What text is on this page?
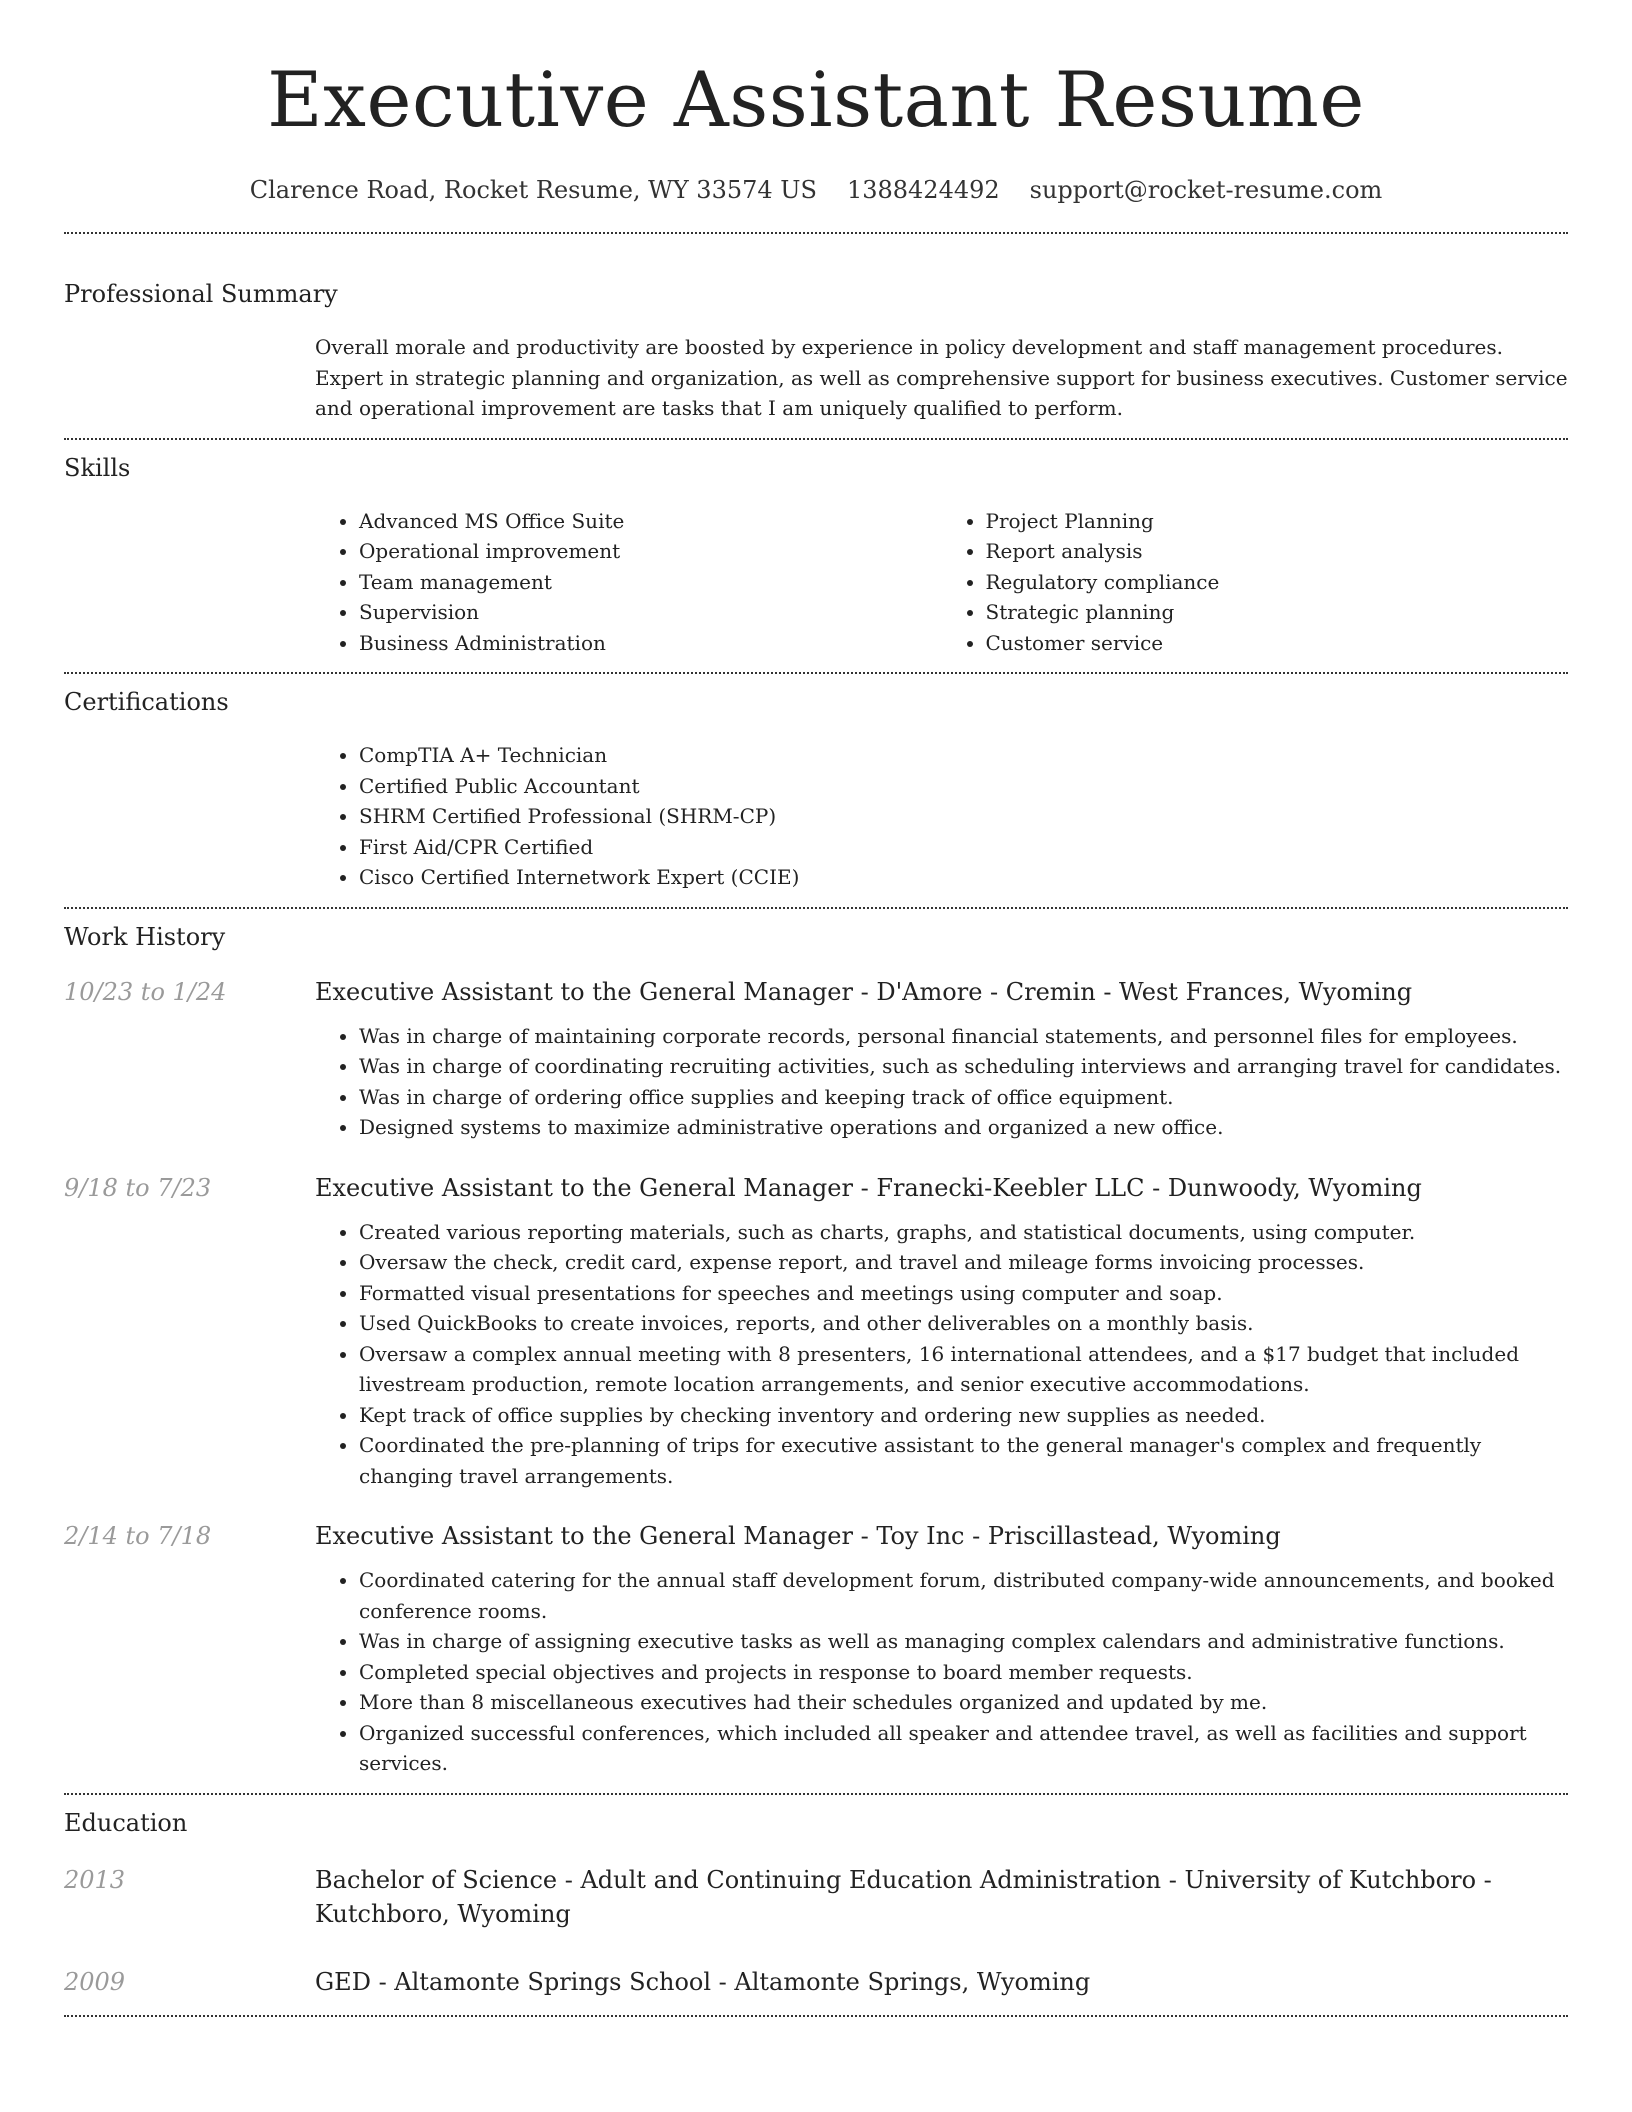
Executive Assistant Resume
Clarence Road, Rocket Resume, WY 33574 US 1388424492 support@rocket-resume.com
Professional Summary
Overall morale and productivity are boosted by experience in policy development and staff management procedures. Expert in strategic planning and organization, as well as comprehensive support for business executives. Customer service and operational improvement are tasks that I am uniquely qualified to perform.
Skills
• Advanced MS Office Suite
• Operational improvement
• Team management
• Supervision
• Business Administration
• Project Planning
• Report analysis
• Regulatory compliance
• Strategic planning
• Customer service
Certifications
• CompTIA A+ Technician
• Certified Public Accountant
• SHRM Certified Professional (SHRM-CP)
• First Aid/CPR Certified
• Cisco Certified Internetwork Expert (CCIE)
Work History
10/23 to 1/24	Executive Assistant to the General Manager - D'Amore - Cremin - West Frances, Wyoming
• Was in charge of maintaining corporate records, personal financial statements, and personnel files for employees.
• Was in charge of coordinating recruiting activities, such as scheduling interviews and arranging travel for candidates.
• Was in charge of ordering office supplies and keeping track of office equipment.
• Designed systems to maximize administrative operations and organized a new office.
9/18 to 7/23	Executive Assistant to the General Manager - Franecki-Keebler LLC - Dunwoody, Wyoming
• Created various reporting materials, such as charts, graphs, and statistical documents, using computer.
• Oversaw the check, credit card, expense report, and travel and mileage forms invoicing processes.
• Formatted visual presentations for speeches and meetings using computer and soap.
• Used QuickBooks to create invoices, reports, and other deliverables on a monthly basis.
• Oversaw a complex annual meeting with 8 presenters, 16 international attendees, and a $17 budget that included livestream production, remote location arrangements, and senior executive accommodations.
• Kept track of office supplies by checking inventory and ordering new supplies as needed.
• Coordinated the pre-planning of trips for executive assistant to the general manager's complex and frequently changing travel arrangements.
2/14 to 7/18	Executive Assistant to the General Manager - Toy Inc - Priscillastead, Wyoming
• Coordinated catering for the annual staff development forum, distributed company-wide announcements, and booked conference rooms.
• Was in charge of assigning executive tasks as well as managing complex calendars and administrative functions.
• Completed special objectives and projects in response to board member requests.
• More than 8 miscellaneous executives had their schedules organized and updated by me.
• Organized successful conferences, which included all speaker and attendee travel, as well as facilities and support services.
Education
2013	Bachelor of Science - Adult and Continuing Education Administration - University of Kutchboro - Kutchboro, Wyoming
2009	GED - Altamonte Springs School - Altamonte Springs, Wyoming
